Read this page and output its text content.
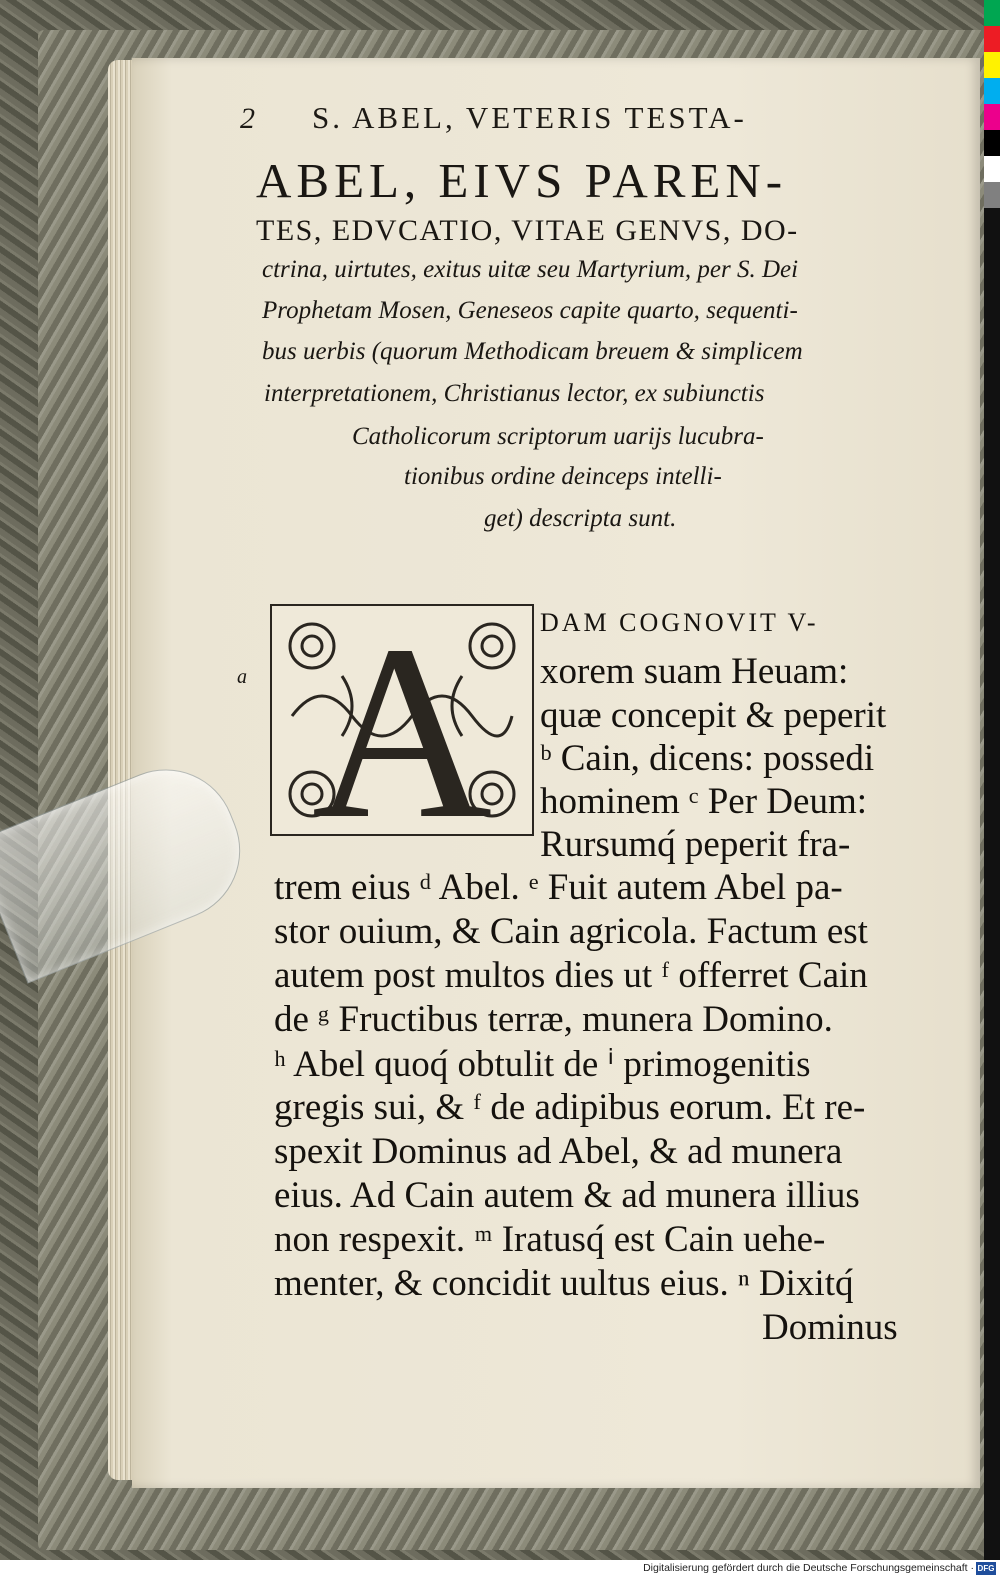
2 S. ABEL, VETERIS TESTA-
ABEL, EIVS PAREN-
TES, EDVCATIO, VITAE GENVS, DO-
ctrina, uirtutes, exitus uitæ seu Martyrium, per S. Dei
Prophetam Mosen, Geneseos capite quarto, sequenti-
bus uerbis (quorum Methodicam breuem & simplicem
interpretationem, Christianus lector, ex subiunctis
Catholicorum scriptorum uarijs lucubra-
tionibus ordine deinceps intelli-
get) descripta sunt.
A
a
DAM COGNOVIT V-
xorem suam Heuam:
quæ concepit & peperit
ᵇ Cain, dicens: possedi
hominem ᶜ Per Deum:
Rursumq́ peperit fra-
trem eius ᵈ Abel. ᵉ Fuit autem Abel pa-
stor ouium, & Cain agricola. Factum est
autem post multos dies ut ᶠ offerret Cain
de ᵍ Fructibus terræ, munera Domino.
ʰ Abel quoq́ obtulit de ⁱ primogenitis
gregis sui, & ᶠ de adipibus eorum. Et re-
spexit Dominus ad Abel, & ad munera
eius. Ad Cain autem & ad munera illius
non respexit. ᵐ Iratusq́ est Cain uehe-
menter, & concidit uultus eius. ⁿ Dixitq́
Dominus
Digitalisierung gefördert durch die Deutsche Forschungsgemeinschaft · DFG
